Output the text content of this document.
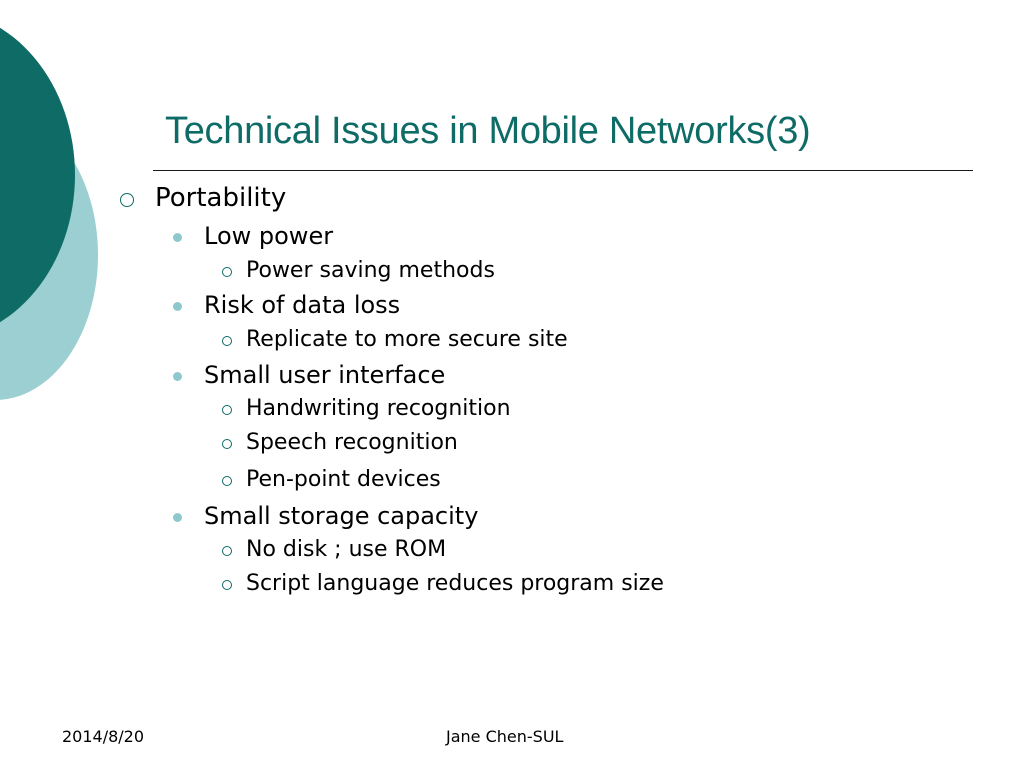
Technical Issues in Mobile Networks(3)
Portability
Low power
Power saving methods
Risk of data loss
Replicate to more secure site
Small user interface
Handwriting recognition
Speech recognition
Pen-point devices
Small storage capacity
No disk ; use ROM
Script language reduces program size
2014/8/20	Jane Chen-SUL
